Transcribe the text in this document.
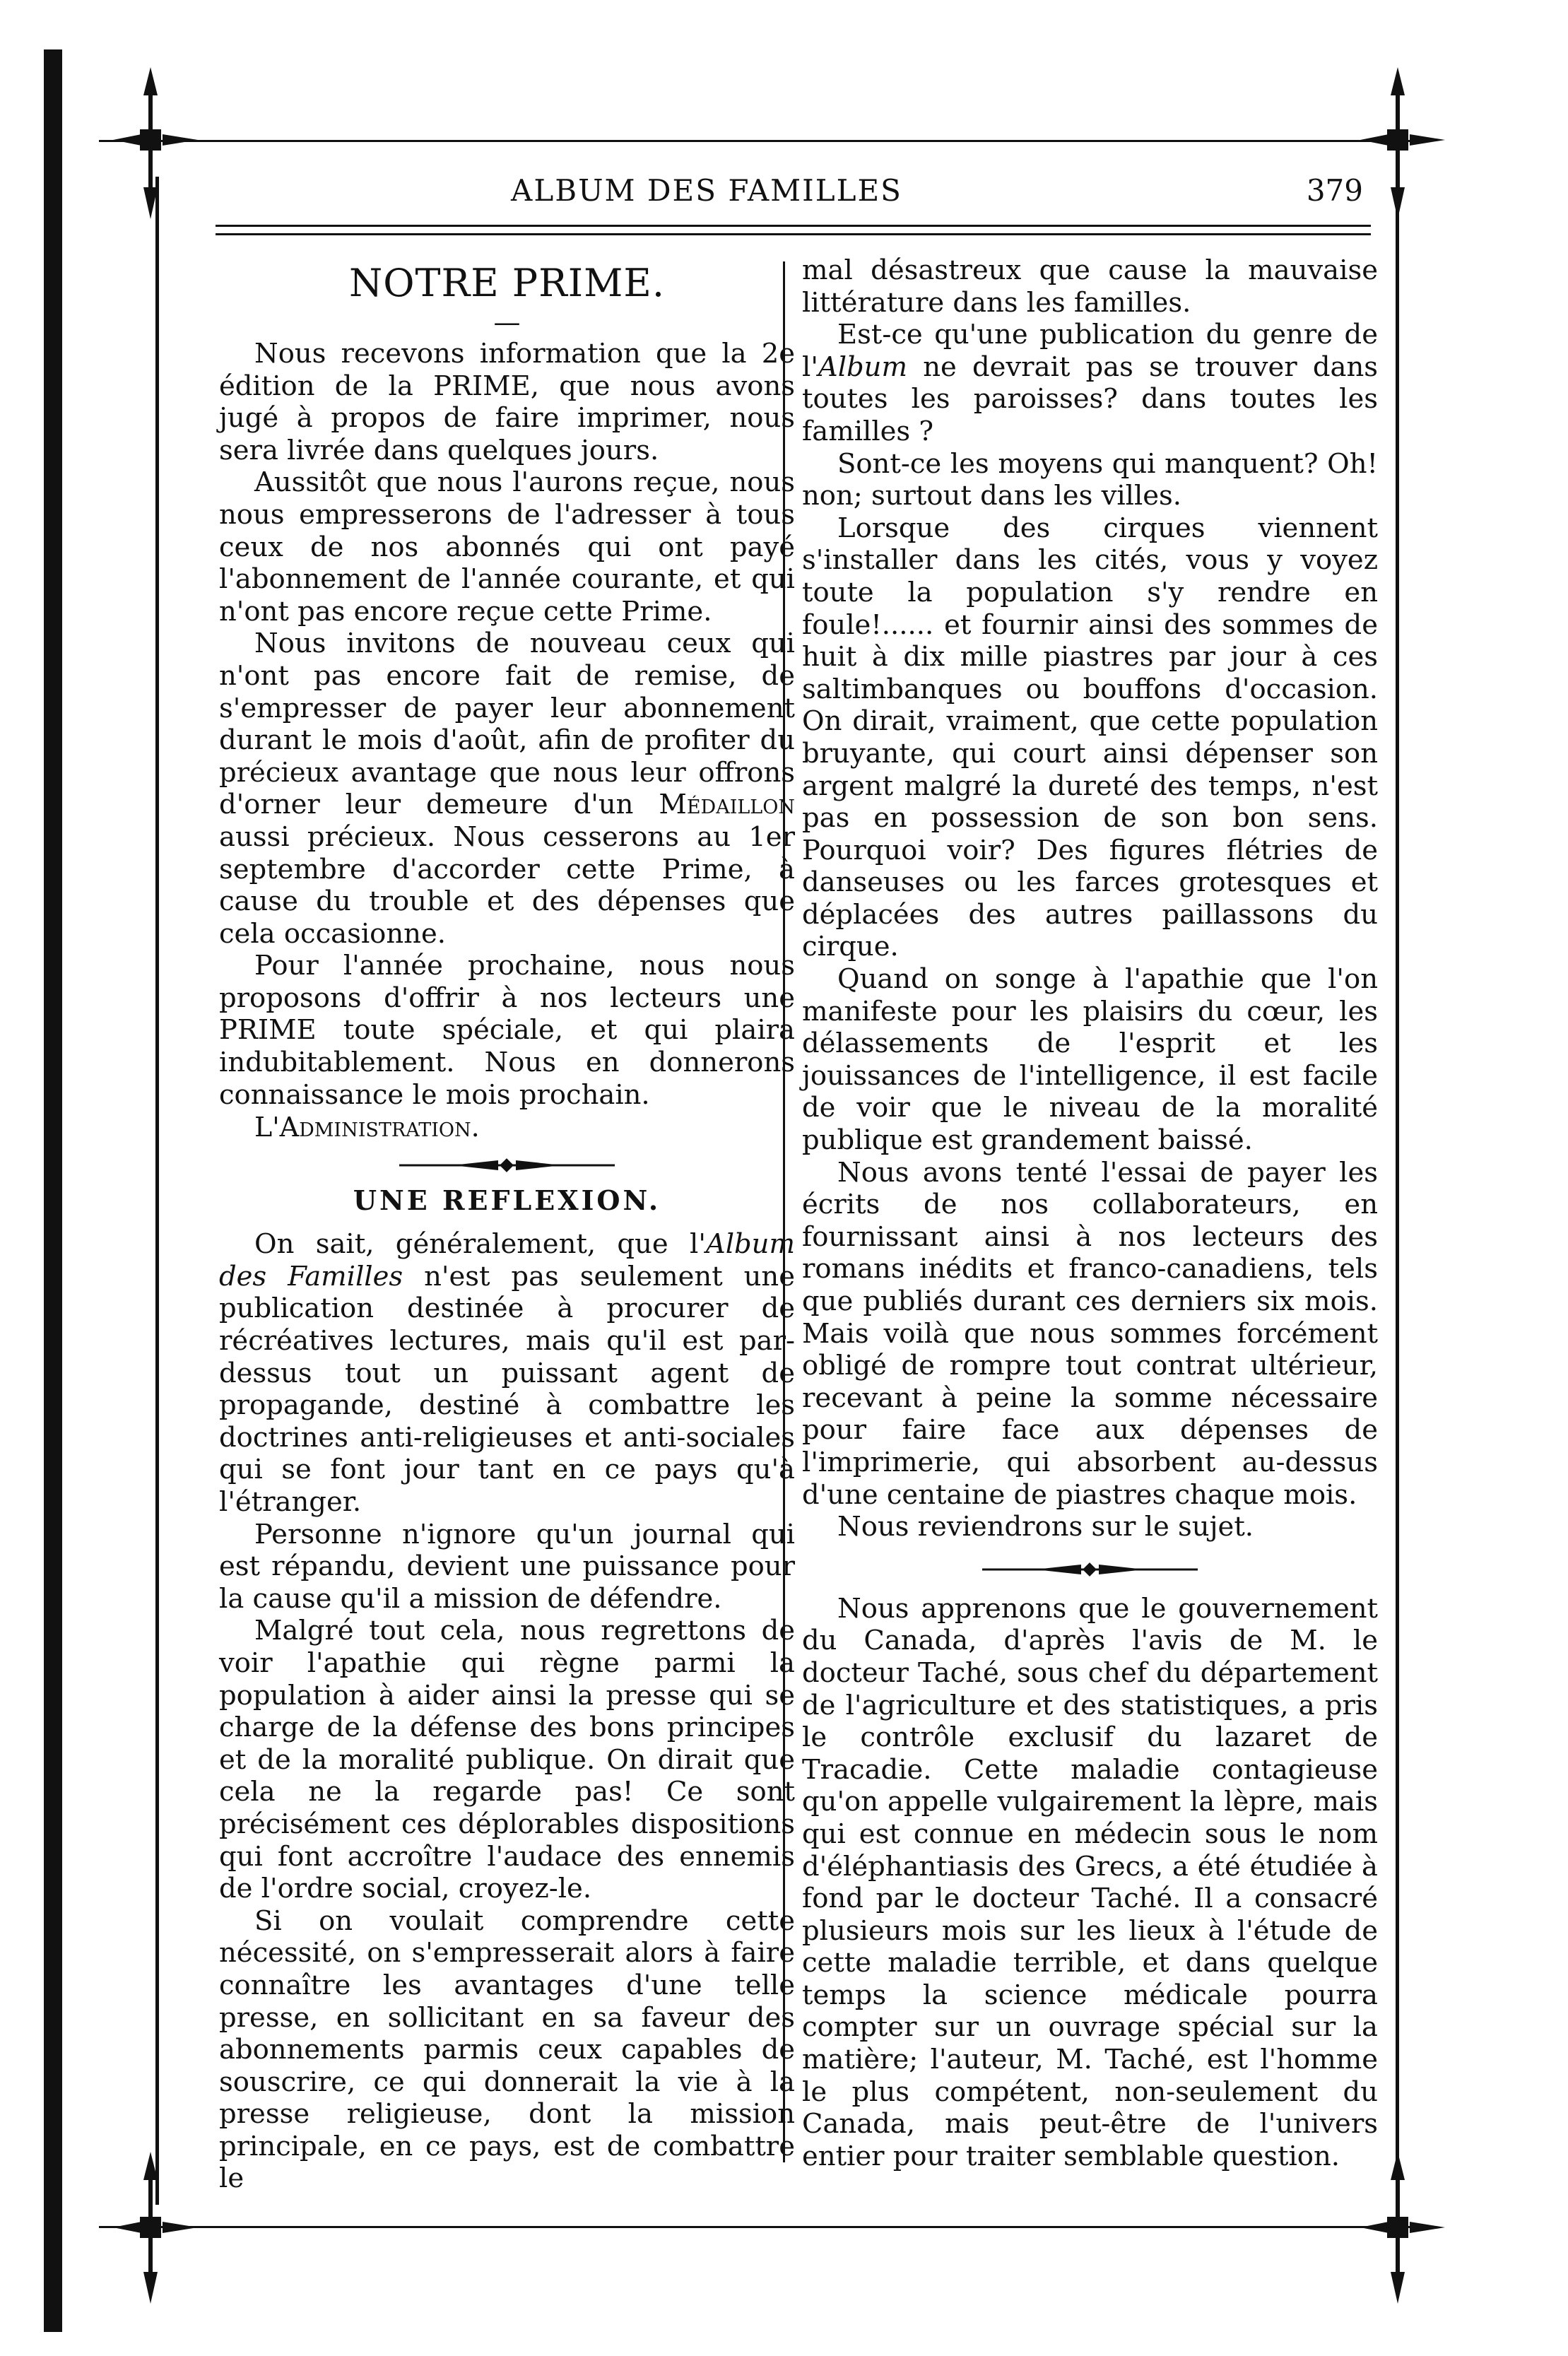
ALBUM DES FAMILLES	379
NOTRE PRIME.
—

Nous recevons information que la 2e édition de la PRIME, que nous avons jugé à propos de faire imprimer, nous sera livrée dans quelques jours.

Aussitôt que nous l'aurons reçue, nous nous empresserons de l'adresser à tous ceux de nos abonnés qui ont payé l'abonnement de l'année courante, et qui n'ont pas encore reçue cette Prime.

Nous invitons de nouveau ceux qui n'ont pas encore fait de remise, de s'empresser de payer leur abonnement durant le mois d'août, afin de profiter du précieux avantage que nous leur offrons d'orner leur demeure d'un Médaillon aussi précieux. Nous cesserons au 1er septembre d'accorder cette Prime, à cause du trouble et des dépenses que cela occasionne.

Pour l'année prochaine, nous nous proposons d'offrir à nos lecteurs une PRIME toute spéciale, et qui plaira indubitablement. Nous en donnerons connaissance le mois prochain.

L'Administration.

UNE REFLEXION.

On sait, généralement, que l'Album des Familles n'est pas seulement une publication destinée à procurer de récréatives lectures, mais qu'il est par-dessus tout un puissant agent de propagande, destiné à combattre les doctrines anti-religieuses et anti-sociales qui se font jour tant en ce pays qu'à l'étranger.

Personne n'ignore qu'un journal qui est répandu, devient une puissance pour la cause qu'il a mission de défendre.

Malgré tout cela, nous regrettons de voir l'apathie qui règne parmi la population à aider ainsi la presse qui se charge de la défense des bons principes et de la moralité publique. On dirait que cela ne la regarde pas! Ce sont précisément ces déplorables dispositions qui font accroître l'audace des ennemis de l'ordre social, croyez-le.

Si on voulait comprendre cette nécessité, on s'empresserait alors à faire connaître les avantages d'une telle presse, en sollicitant en sa faveur des abonnements parmis ceux capables de souscrire, ce qui donnerait la vie à la presse religieuse, dont la mission principale, en ce pays, est de combattre le

mal désastreux que cause la mauvaise littérature dans les familles.

Est-ce qu'une publication du genre de l'Album ne devrait pas se trouver dans toutes les paroisses? dans toutes les familles ?

Sont-ce les moyens qui manquent? Oh! non; surtout dans les villes.

Lorsque des cirques viennent s'installer dans les cités, vous y voyez toute la population s'y rendre en foule!...... et fournir ainsi des sommes de huit à dix mille piastres par jour à ces saltimbanques ou bouffons d'occasion. On dirait, vraiment, que cette population bruyante, qui court ainsi dépenser son argent malgré la dureté des temps, n'est pas en possession de son bon sens. Pourquoi voir? Des figures flétries de danseuses ou les farces grotesques et déplacées des autres paillassons du cirque.

Quand on songe à l'apathie que l'on manifeste pour les plaisirs du cœur, les délassements de l'esprit et les jouissances de l'intelligence, il est facile de voir que le niveau de la moralité publique est grandement baissé.

Nous avons tenté l'essai de payer les écrits de nos collaborateurs, en fournissant ainsi à nos lecteurs des romans inédits et franco-canadiens, tels que publiés durant ces derniers six mois. Mais voilà que nous sommes forcément obligé de rompre tout contrat ultérieur, recevant à peine la somme nécessaire pour faire face aux dépenses de l'imprimerie, qui absorbent au-dessus d'une centaine de piastres chaque mois.

Nous reviendrons sur le sujet.

Nous apprenons que le gouvernement du Canada, d'après l'avis de M. le docteur Taché, sous chef du département de l'agriculture et des statistiques, a pris le contrôle exclusif du lazaret de Tracadie. Cette maladie contagieuse qu'on appelle vulgairement la lèpre, mais qui est connue en médecin sous le nom d'éléphantiasis des Grecs, a été étudiée à fond par le docteur Taché. Il a consacré plusieurs mois sur les lieux à l'étude de cette maladie terrible, et dans quelque temps la science médicale pourra compter sur un ouvrage spécial sur la matière; l'auteur, M. Taché, est l'homme le plus compétent, non-seulement du Canada, mais peut-être de l'univers entier pour traiter semblable question.
